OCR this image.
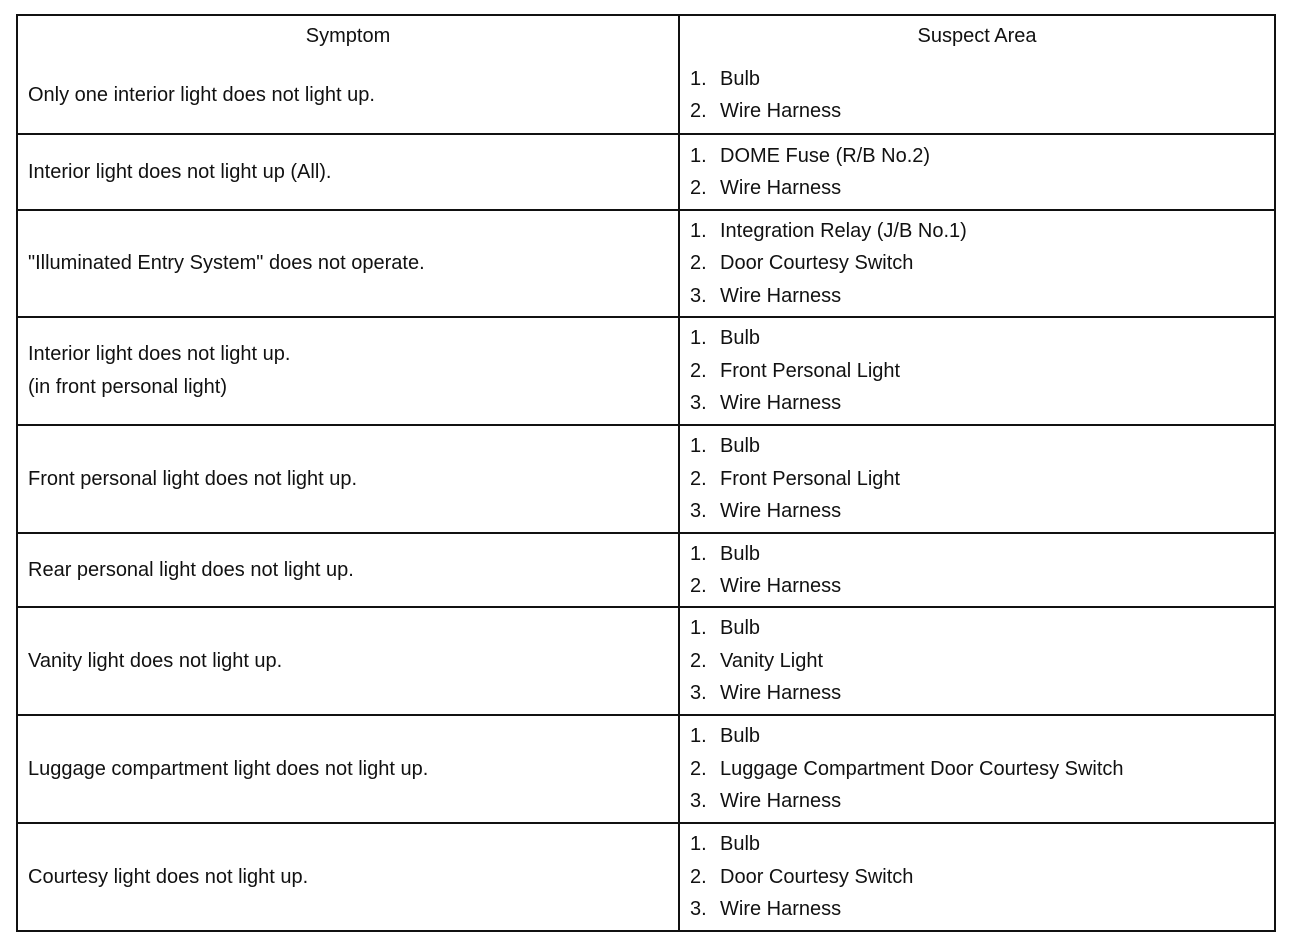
Symptom	Suspect Area
Only one interior light does not light up.
1. Bulb
2. Wire Harness
Interior light does not light up (All).
1. DOME Fuse (R/B No.2)
2. Wire Harness
"Illuminated Entry System" does not operate.
1. Integration Relay (J/B No.1)
2. Door Courtesy Switch
3. Wire Harness
Interior light does not light up.
(in front personal light)
1. Bulb
2. Front Personal Light
3. Wire Harness
Front personal light does not light up.
1. Bulb
2. Front Personal Light
3. Wire Harness
Rear personal light does not light up.
1. Bulb
2. Wire Harness
Vanity light does not light up.
1. Bulb
2. Vanity Light
3. Wire Harness
Luggage compartment light does not light up.
1. Bulb
2. Luggage Compartment Door Courtesy Switch
3. Wire Harness
Courtesy light does not light up.
1. Bulb
2. Door Courtesy Switch
3. Wire Harness
